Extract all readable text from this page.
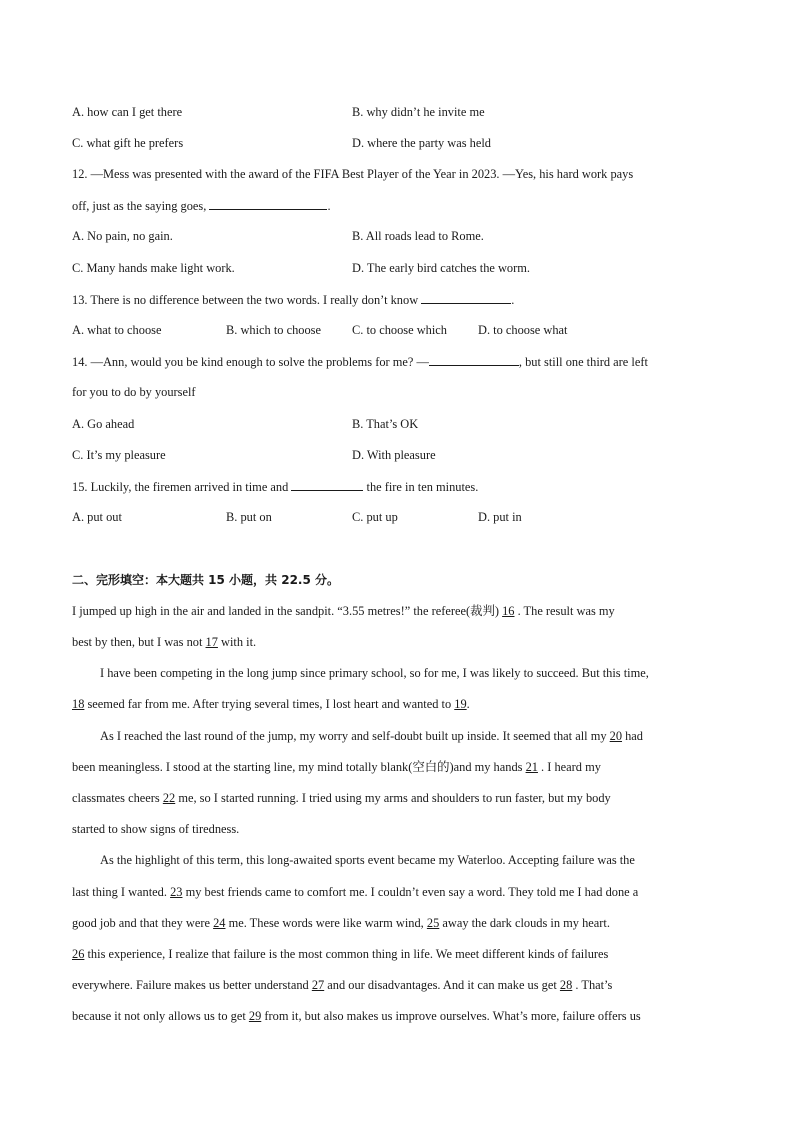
A. how can I get there	B. why didn’t he invite me
C. what gift he prefers	D. where the party was held
12. —Mess was presented with the award of the FIFA Best Player of the Year in 2023. —Yes, his hard work pays
off, just as the saying goes,	.
A. No pain, no gain.	B. All roads lead to Rome.
C. Many hands make light work.	D. The early bird catches the worm.
13. There is no difference between the two words. I really don’t know	.
A. what to choose	B. which to choose	C. to choose which	D. to choose what
14. —Ann, would you be kind enough to solve the problems for me? —	, but still one third are left
for you to do by yourself
A. Go ahead	B. That’s OK
C. It’s my pleasure	D. With pleasure
15. Luckily, the firemen arrived in time and	the fire in ten minutes.
A. put out	B. put on	C. put up	D. put in
二、完形填空：本大题共 15 小题，共 22.5 分。
I jumped up high in the air and landed in the sandpit. “3.55 metres!” the referee(裁判) 16 . The result was my
best by then, but I was not 17 with it.
I have been competing in the long jump since primary school, so for me, I was likely to succeed. But this time,
18 seemed far from me. After trying several times, I lost heart and wanted to 19.
As I reached the last round of the jump, my worry and self-doubt built up inside. It seemed that all my 20 had
been meaningless. I stood at the starting line, my mind totally blank(空白的)and my hands 21 . I heard my
classmates cheers 22 me, so I started running. I tried using my arms and shoulders to run faster, but my body
started to show signs of tiredness.
As the highlight of this term, this long-awaited sports event became my Waterloo. Accepting failure was the
last thing I wanted. 23 my best friends came to comfort me. I couldn’t even say a word. They told me I had done a
good job and that they were 24 me. These words were like warm wind, 25 away the dark clouds in my heart.
26 this experience, I realize that failure is the most common thing in life. We meet different kinds of failures
everywhere. Failure makes us better understand 27 and our disadvantages. And it can make us get 28 . That’s
because it not only allows us to get 29 from it, but also makes us improve ourselves. What’s more, failure offers us
